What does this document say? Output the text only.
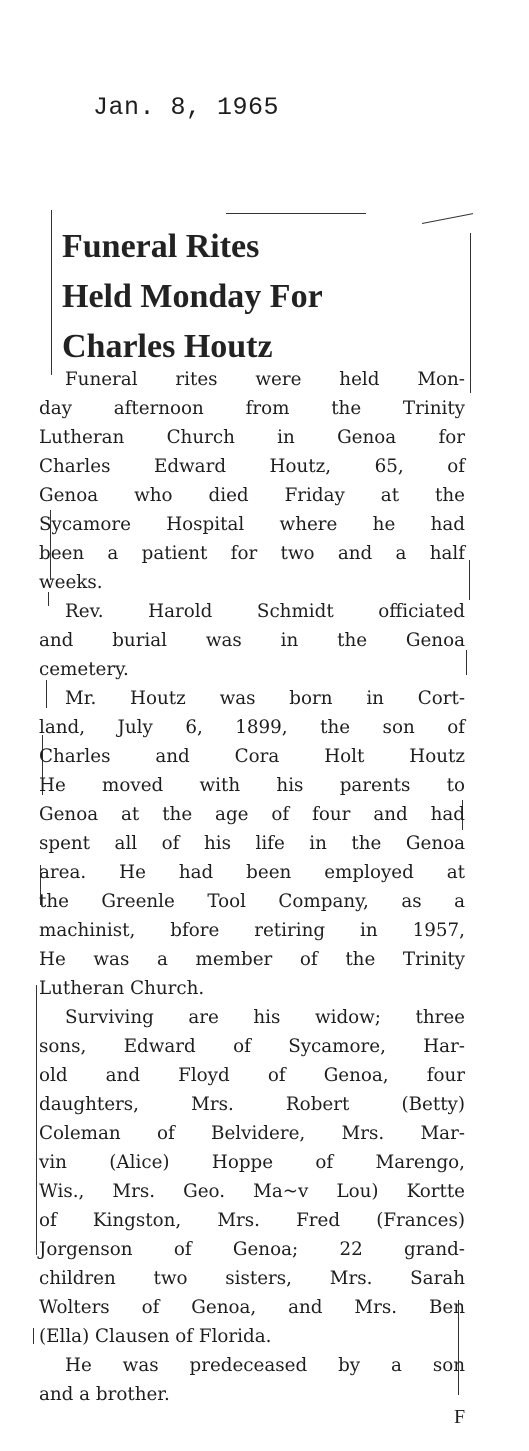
Jan. 8, 1965
Funeral Rites
Held Monday For
Charles Houtz
Funeral rites were held Mon-
day afternoon from the Trinity
Lutheran Church in Genoa for
Charles Edward Houtz, 65, of
Genoa who died Friday at the
Sycamore Hospital where he had
been a patient for two and a half
weeks.
Rev. Harold Schmidt officiated
and burial was in the Genoa
cemetery.
Mr. Houtz was born in Cort-
land, July 6, 1899, the son of
Charles and Cora Holt Houtz
He moved with his parents to
Genoa at the age of four and had
spent all of his life in the Genoa
area. He had been employed at
the Greenle Tool Company, as a
machinist, bfore retiring in 1957,
He was a member of the Trinity
Lutheran Church.
Surviving are his widow; three
sons, Edward of Sycamore, Har-
old and Floyd of Genoa, four
daughters, Mrs. Robert (Betty)
Coleman of Belvidere, Mrs. Mar-
vin (Alice) Hoppe of Marengo,
Wis., Mrs. Geo. Ma~v Lou) Kortte
of Kingston, Mrs. Fred (Frances)
Jorgenson of Genoa; 22 grand-
children two sisters, Mrs. Sarah
Wolters of Genoa, and Mrs. Ben
(Ella) Clausen of Florida.
He was predeceased by a son
and a brother.
F
